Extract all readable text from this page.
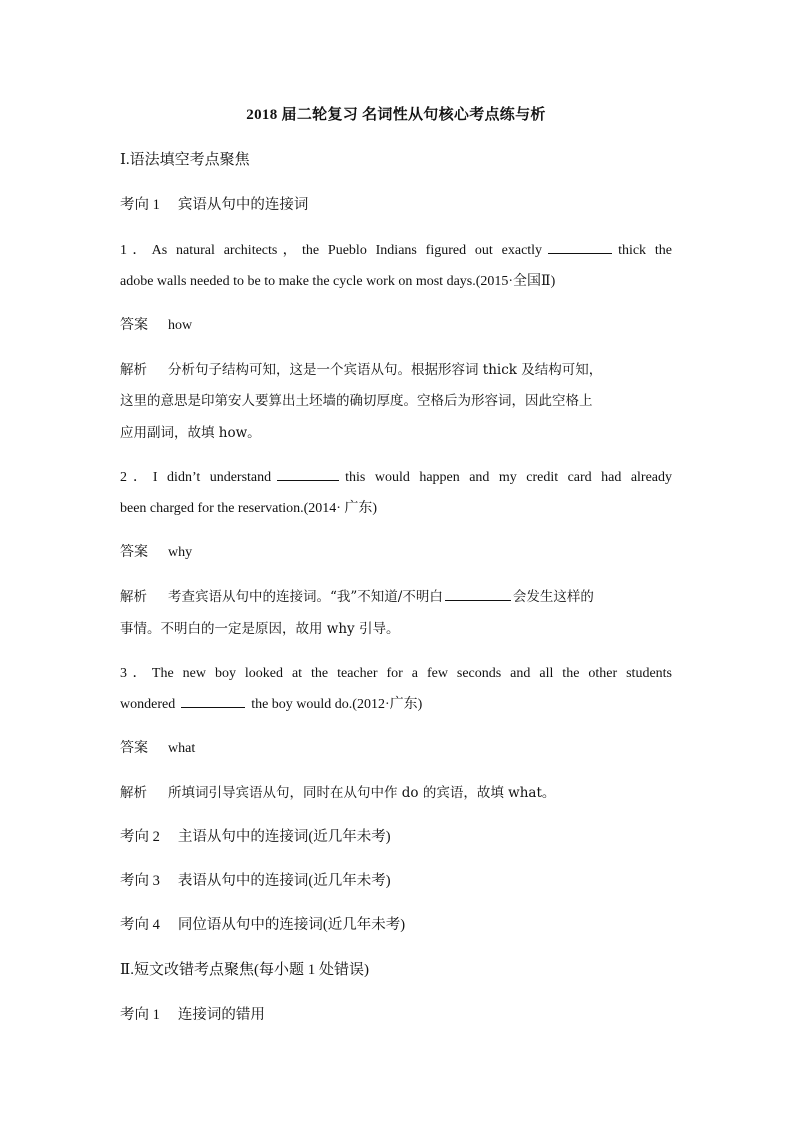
2018 届二轮复习 名词性从句核心考点练与析
Ⅰ.语法填空考点聚焦
考向 1 宾语从句中的连接词
1．As natural architects，the Pueblo Indians figured out exactly	thick the
adobe walls needed to be to make the cycle work on most days.(2015·全国Ⅱ)
答案 how
解析 分析句子结构可知，这是一个宾语从句。根据形容词 thick 及结构可知，
这里的意思是印第安人要算出土坯墙的确切厚度。空格后为形容词，因此空格上
应用副词，故填 how。
2．I didn’t understand	this would happen and my credit card had already
been charged for the reservation.(2014· 广东)
答案 why
解析 考查宾语从句中的连接词。“我”不知道/不明白	会发生这样的
事情。不明白的一定是原因，故用 why 引导。
3．The new boy looked at the teacher for a few seconds and all the other students
wondered	the boy would do.(2012·广东)
答案 what
解析 所填词引导宾语从句，同时在从句中作 do 的宾语，故填 what。
考向 2 主语从句中的连接词(近几年未考)
考向 3 表语从句中的连接词(近几年未考)
考向 4 同位语从句中的连接词(近几年未考)
Ⅱ.短文改错考点聚焦(每小题 1 处错误)
考向 1 连接词的错用
